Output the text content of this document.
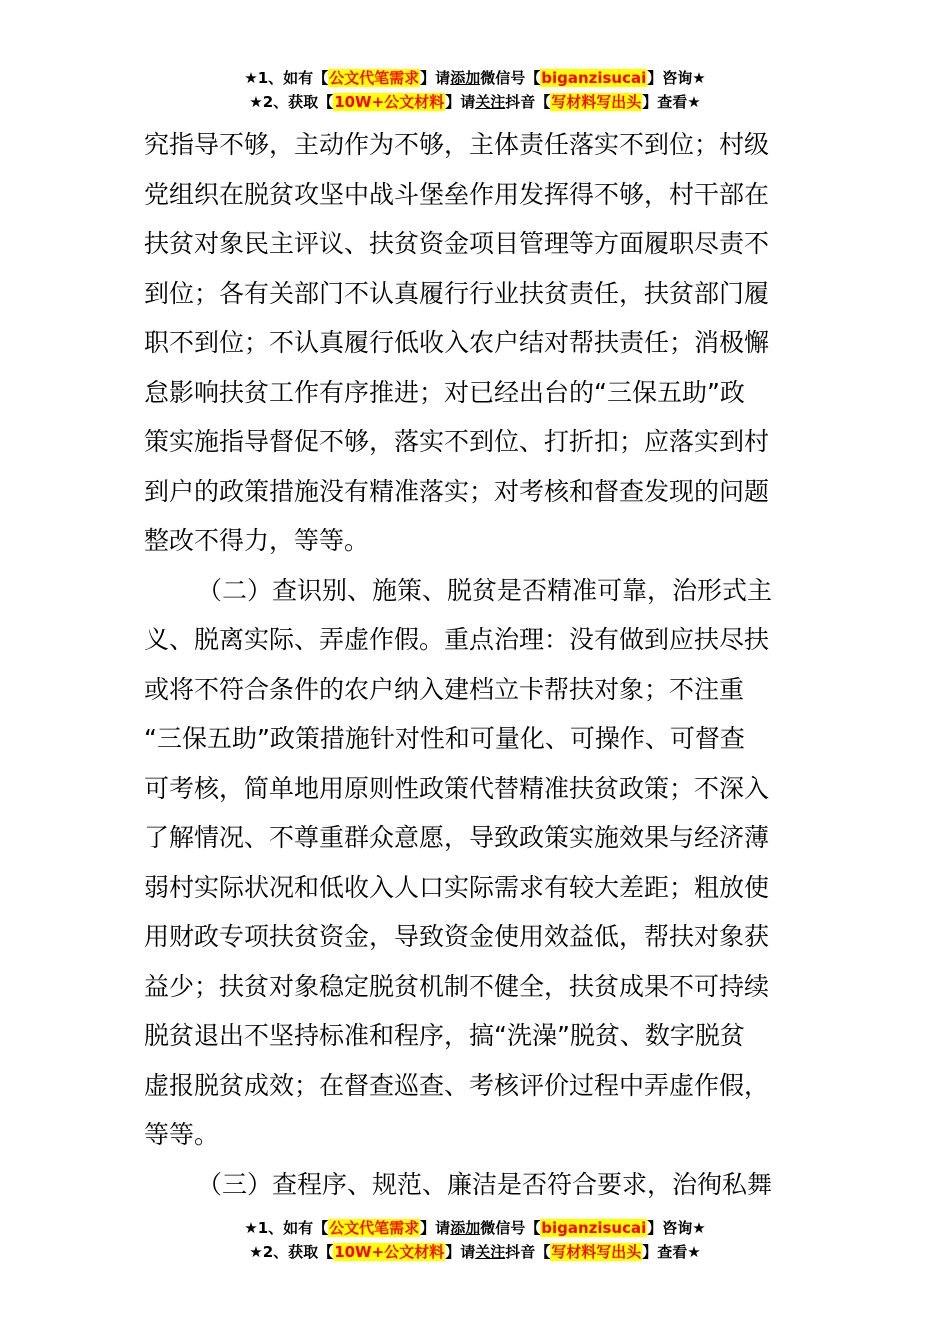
★1、如有【公文代笔需求】请添加微信号【biganzisucai】咨询★
★2、获取【10W+公文材料】请关注抖音【写材料写出头】查看★

究指导不够，主动作为不够，主体责任落实不到位；村级
党组织在脱贫攻坚中战斗堡垒作用发挥得不够，村干部在
扶贫对象民主评议、扶贫资金项目管理等方面履职尽责不
到位；各有关部门不认真履行行业扶贫责任，扶贫部门履
职不到位；不认真履行低收入农户结对帮扶责任；消极懈
怠影响扶贫工作有序推进；对已经出台的“三保五助”政
策实施指导督促不够，落实不到位、打折扣；应落实到村
到户的政策措施没有精准落实；对考核和督查发现的问题
整改不得力，等等。

（二）查识别、施策、脱贫是否精准可靠，治形式主
义、脱离实际、弄虚作假。重点治理：没有做到应扶尽扶
或将不符合条件的农户纳入建档立卡帮扶对象；不注重
“三保五助”政策措施针对性和可量化、可操作、可督查
可考核，简单地用原则性政策代替精准扶贫政策；不深入
了解情况、不尊重群众意愿，导致政策实施效果与经济薄
弱村实际状况和低收入人口实际需求有较大差距；粗放使
用财政专项扶贫资金，导致资金使用效益低，帮扶对象获
益少；扶贫对象稳定脱贫机制不健全，扶贫成果不可持续
脱贫退出不坚持标准和程序，搞“洗澡”脱贫、数字脱贫
虚报脱贫成效；在督查巡查、考核评价过程中弄虚作假，
等等。

（三）查程序、规范、廉洁是否符合要求，治徇私舞

★1、如有【公文代笔需求】请添加微信号【biganzisucai】咨询★
★2、获取【10W+公文材料】请关注抖音【写材料写出头】查看★
